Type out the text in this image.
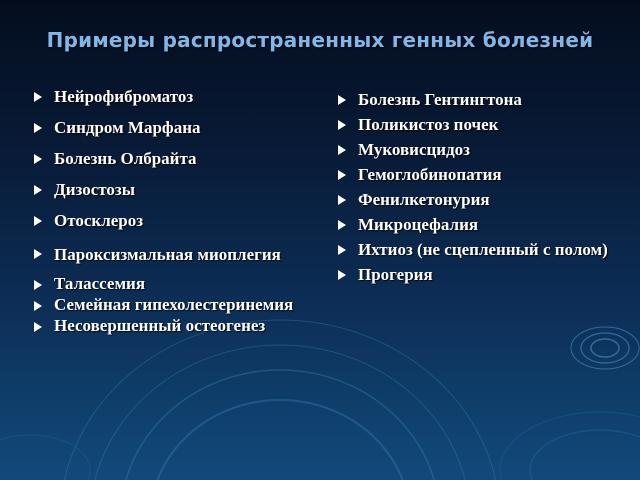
Примеры распространенных генных болезней
Нейрофиброматоз
Синдром Марфана
Болезнь Олбрайта
Дизостозы
Отосклероз
Пароксизмальная миоплегия
Талассемия
Семейная гипехолестеринемия
Несовершенный остеогенез
Болезнь Гентингтона
Поликистоз почек
Муковисцидоз
Гемоглобинопатия
Фенилкетонурия
Микроцефалия
Ихтиоз (не сцепленный с полом)
Прогерия
